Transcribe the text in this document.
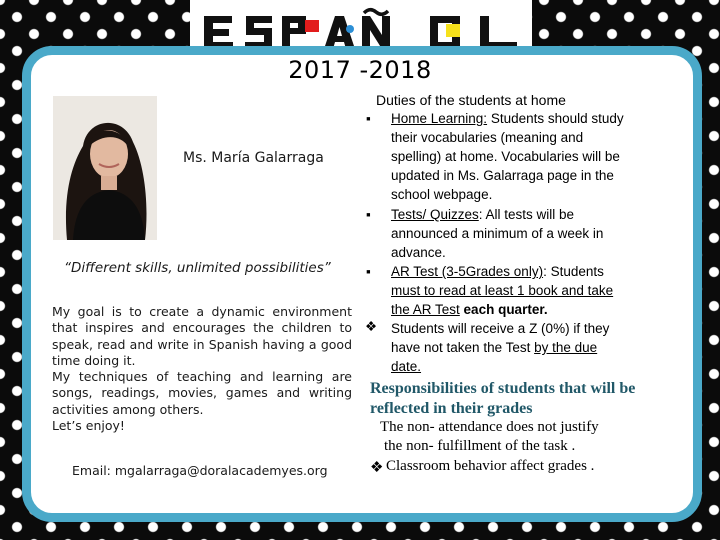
2017 -2018
Ms. María Galarraga
“Different skills, unlimited possibilities”

My goal is to create a dynamic environment that inspires and encourages the children to speak, read and write in Spanish having a good time doing it.

My techniques of teaching and learning are songs, readings, movies, games and writing activities among others.

Let’s enjoy!

Email: mgalarraga@doralacademyes.org
Duties of the students at home
▪ Home Learning: Students should study
their vocabularies (meaning and
spelling) at home. Vocabularies will be
updated in Ms. Galarraga page in the
school webpage.
▪ Tests/ Quizzes: All tests will be
announced a minimum of a week in
advance.
▪ AR Test (3-5Grades only): Students
must to read at least 1 book and take
the AR Test each quarter.
❖ Students will receive a Z (0%) if they
have not taken the Test by the due
date.
Responsibilities of students that will be reflected in their grades
The non- attendance does not justify
the non- fulfillment of the task .
❖ Classroom behavior affect grades .
